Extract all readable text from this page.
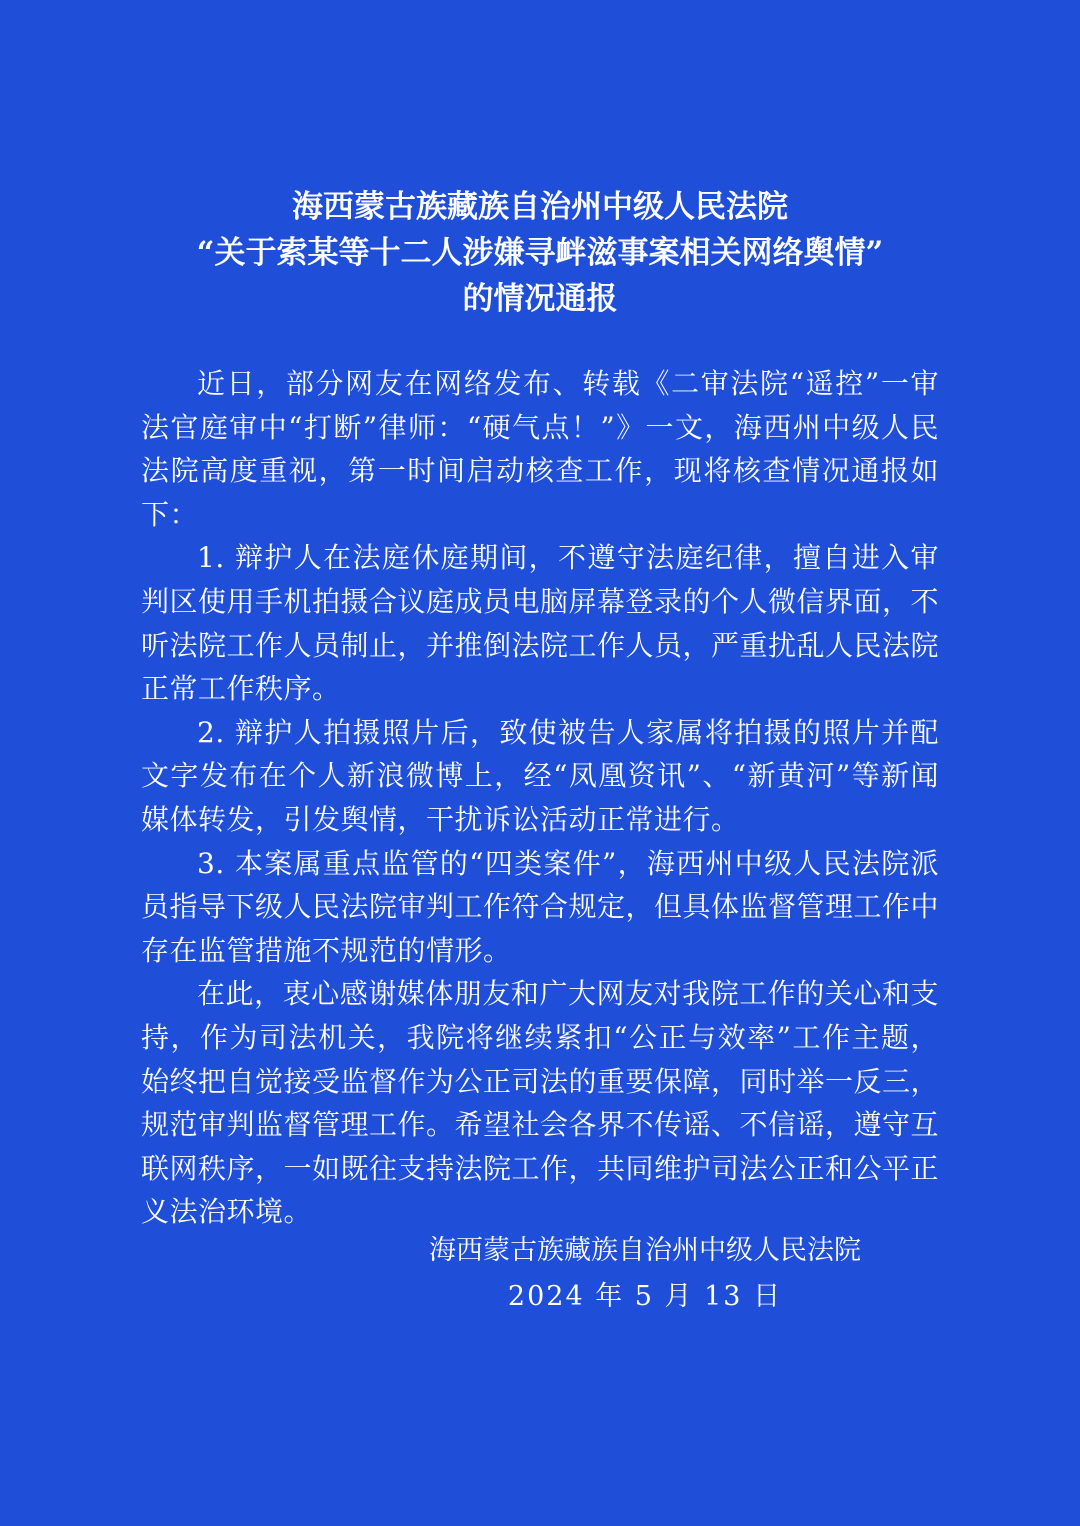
海西蒙古族藏族自治州中级人民法院
“关于索某等十二人涉嫌寻衅滋事案相关网络舆情”
的情况通报

近日，部分网友在网络发布、转载《二审法院“遥控”一审法官庭审中“打断”律师：“硬气点！”》一文，海西州中级人民法院高度重视，第一时间启动核查工作，现将核查情况通报如下：

1. 辩护人在法庭休庭期间，不遵守法庭纪律，擅自进入审判区使用手机拍摄合议庭成员电脑屏幕登录的个人微信界面，不听法院工作人员制止，并推倒法院工作人员，严重扰乱人民法院正常工作秩序。

2. 辩护人拍摄照片后，致使被告人家属将拍摄的照片并配文字发布在个人新浪微博上，经“凤凰资讯”、“新黄河”等新闻媒体转发，引发舆情，干扰诉讼活动正常进行。

3. 本案属重点监管的“四类案件”，海西州中级人民法院派员指导下级人民法院审判工作符合规定，但具体监督管理工作中存在监管措施不规范的情形。

在此，衷心感谢媒体朋友和广大网友对我院工作的关心和支持，作为司法机关，我院将继续紧扣“公正与效率”工作主题，始终把自觉接受监督作为公正司法的重要保障，同时举一反三，规范审判监督管理工作。希望社会各界不传谣、不信谣，遵守互联网秩序，一如既往支持法院工作，共同维护司法公正和公平正义法治环境。

海西蒙古族藏族自治州中级人民法院
2024 年 5 月 13 日
